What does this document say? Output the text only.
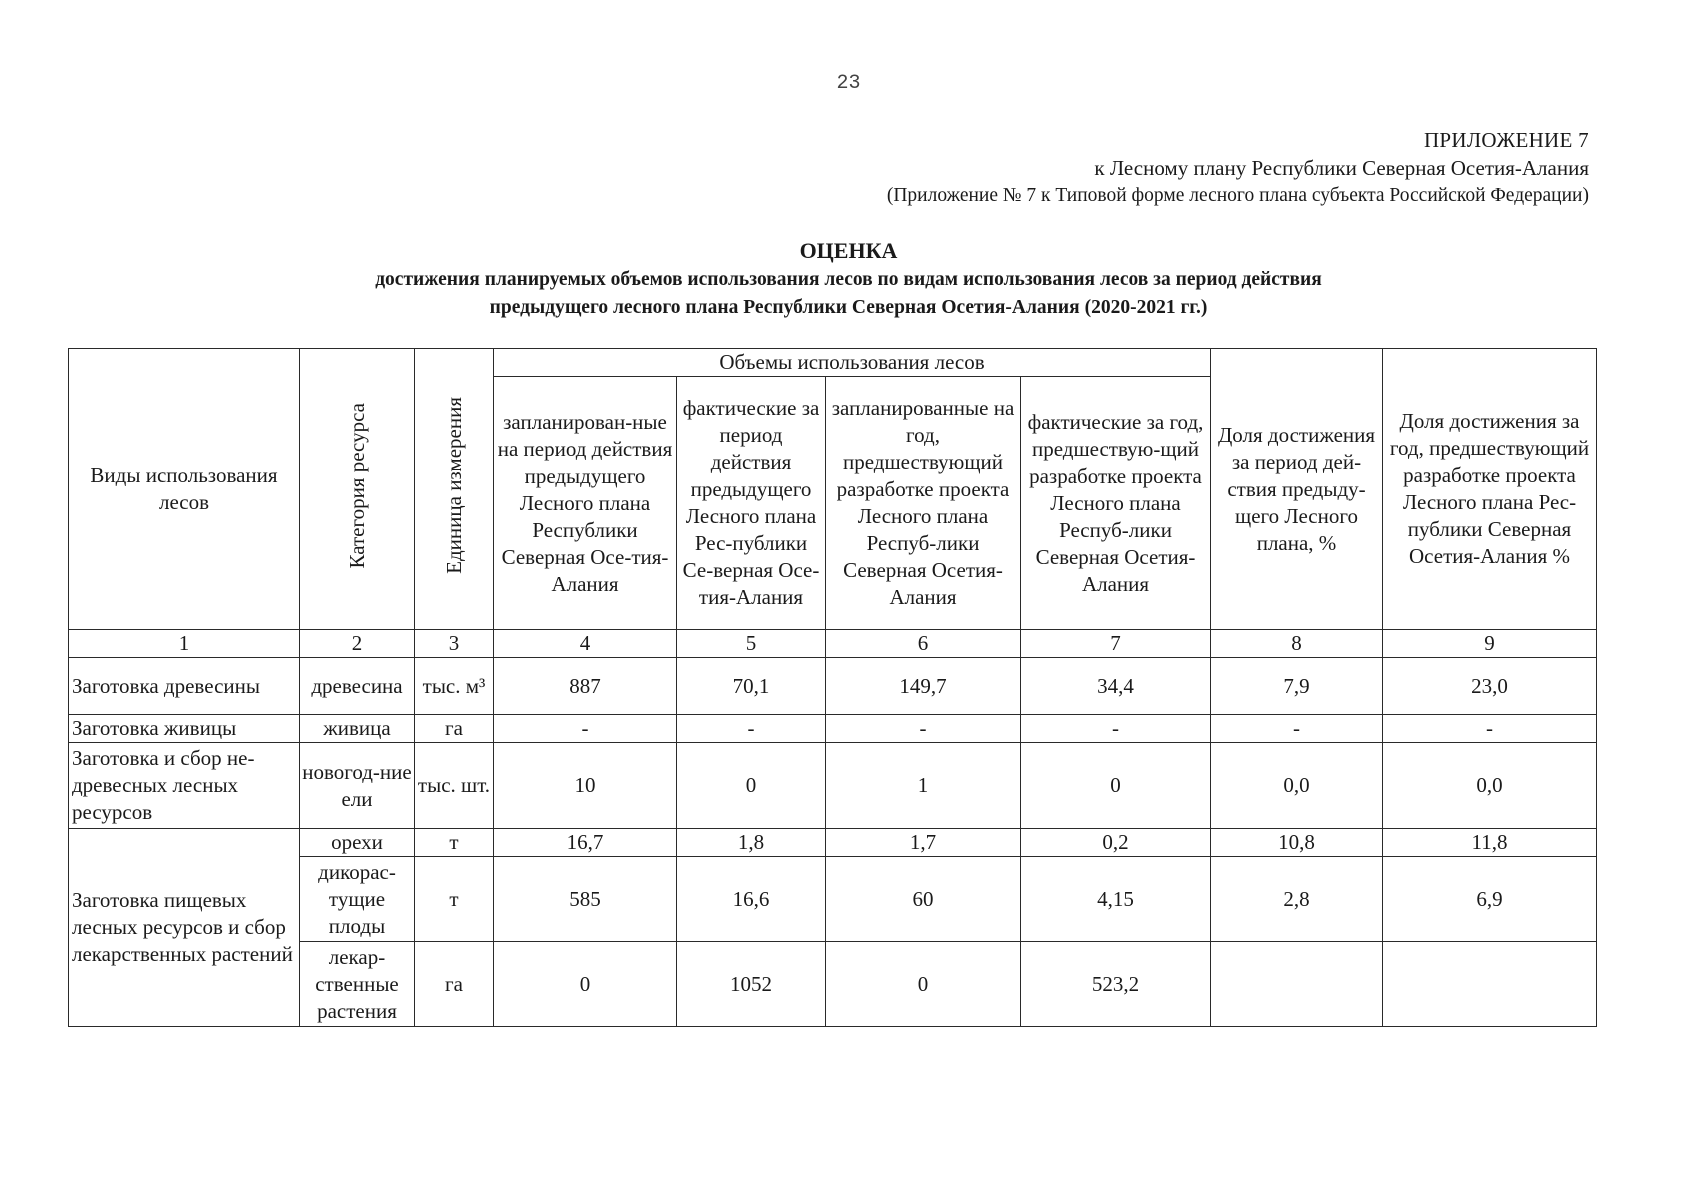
23
ПРИЛОЖЕНИЕ 7
к Лесному плану Республики Северная Осетия-Алания
(Приложение № 7 к Типовой форме лесного плана субъекта Российской Федерации)
ОЦЕНКА
достижения планируемых объемов использования лесов по видам использования лесов за период действия
предыдущего лесного плана Республики Северная Осетия-Алания (2020-2021 гг.)
Виды использования лесов	Категория ресурса	Единица измерения	Объемы использования лесов				Доля достижения за период дей-ствия предыду-щего Лесного плана, %	Доля достижения за год, предшествующий разработке проекта Лесного плана Рес-публики Северная Осетия-Алания %
			запланирован-ные на период действия предыдущего Лесного плана Республики Северная Осе-тия-Алания	фактические за период действия предыдущего Лесного плана Рес-публики Се-верная Осе-тия-Алания	запланированные на год, предшествующий разработке проекта Лесного плана Респуб-лики Северная Осетия-Алания	фактические за год, предшествую-щий разработке проекта Лесного плана Респуб-лики Северная Осетия-Алания		
1	2	3	4	5	6	7	8	9
Заготовка древесины	древесина	тыс. м³	887	70,1	149,7	34,4	7,9	23,0
Заготовка живицы	живица	га	-	-	-	-	-	-
Заготовка и сбор не-древесных лесных ресурсов	новогод-ние ели	тыс. шт.	10	0	1	0	0,0	0,0
Заготовка пищевых лесных ресурсов и сбор лекарственных растений	орехи	т	16,7	1,8	1,7	0,2	10,8	11,8
	дикорас-тущие плоды	т	585	16,6	60	4,15	2,8	6,9
	лекар-ственные растения	га	0	1052	0	523,2		
